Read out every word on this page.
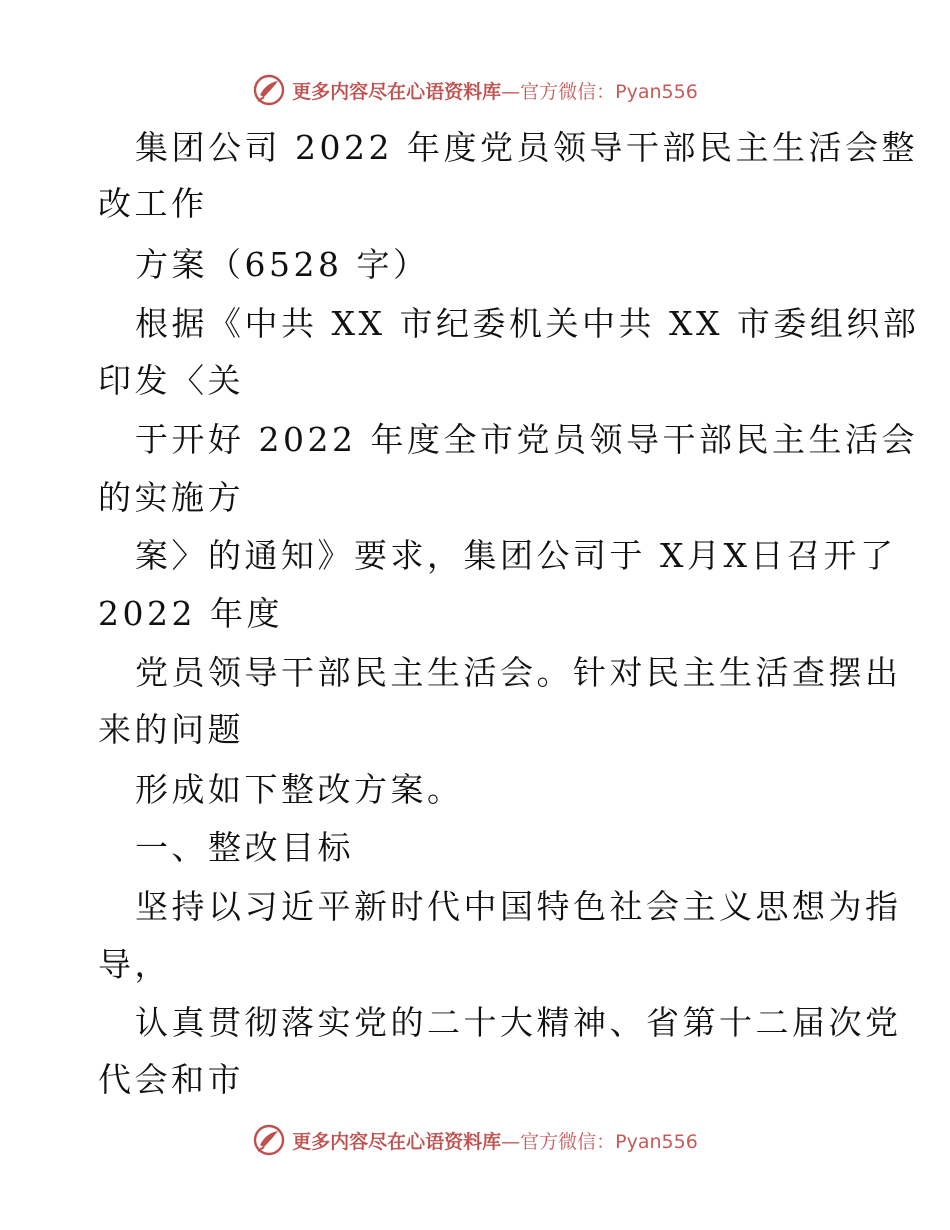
更多内容尽在心语资料库—官方微信：Pyan556
集团公司 2022 年度党员领导干部民主生活会整
改工作
方案（6528 字）
根据《中共 XX 市纪委机关中共 XX 市委组织部
印发〈关
于开好 2022 年度全市党员领导干部民主生活会
的实施方
案〉的通知》要求，集团公司于 X月X日召开了
2022 年度
党员领导干部民主生活会。针对民主生活查摆出
来的问题
形成如下整改方案。
一、整改目标
坚持以习近平新时代中国特色社会主义思想为指
导，
认真贯彻落实党的二十大精神、省第十二届次党
代会和市
更多内容尽在心语资料库—官方微信：Pyan556
